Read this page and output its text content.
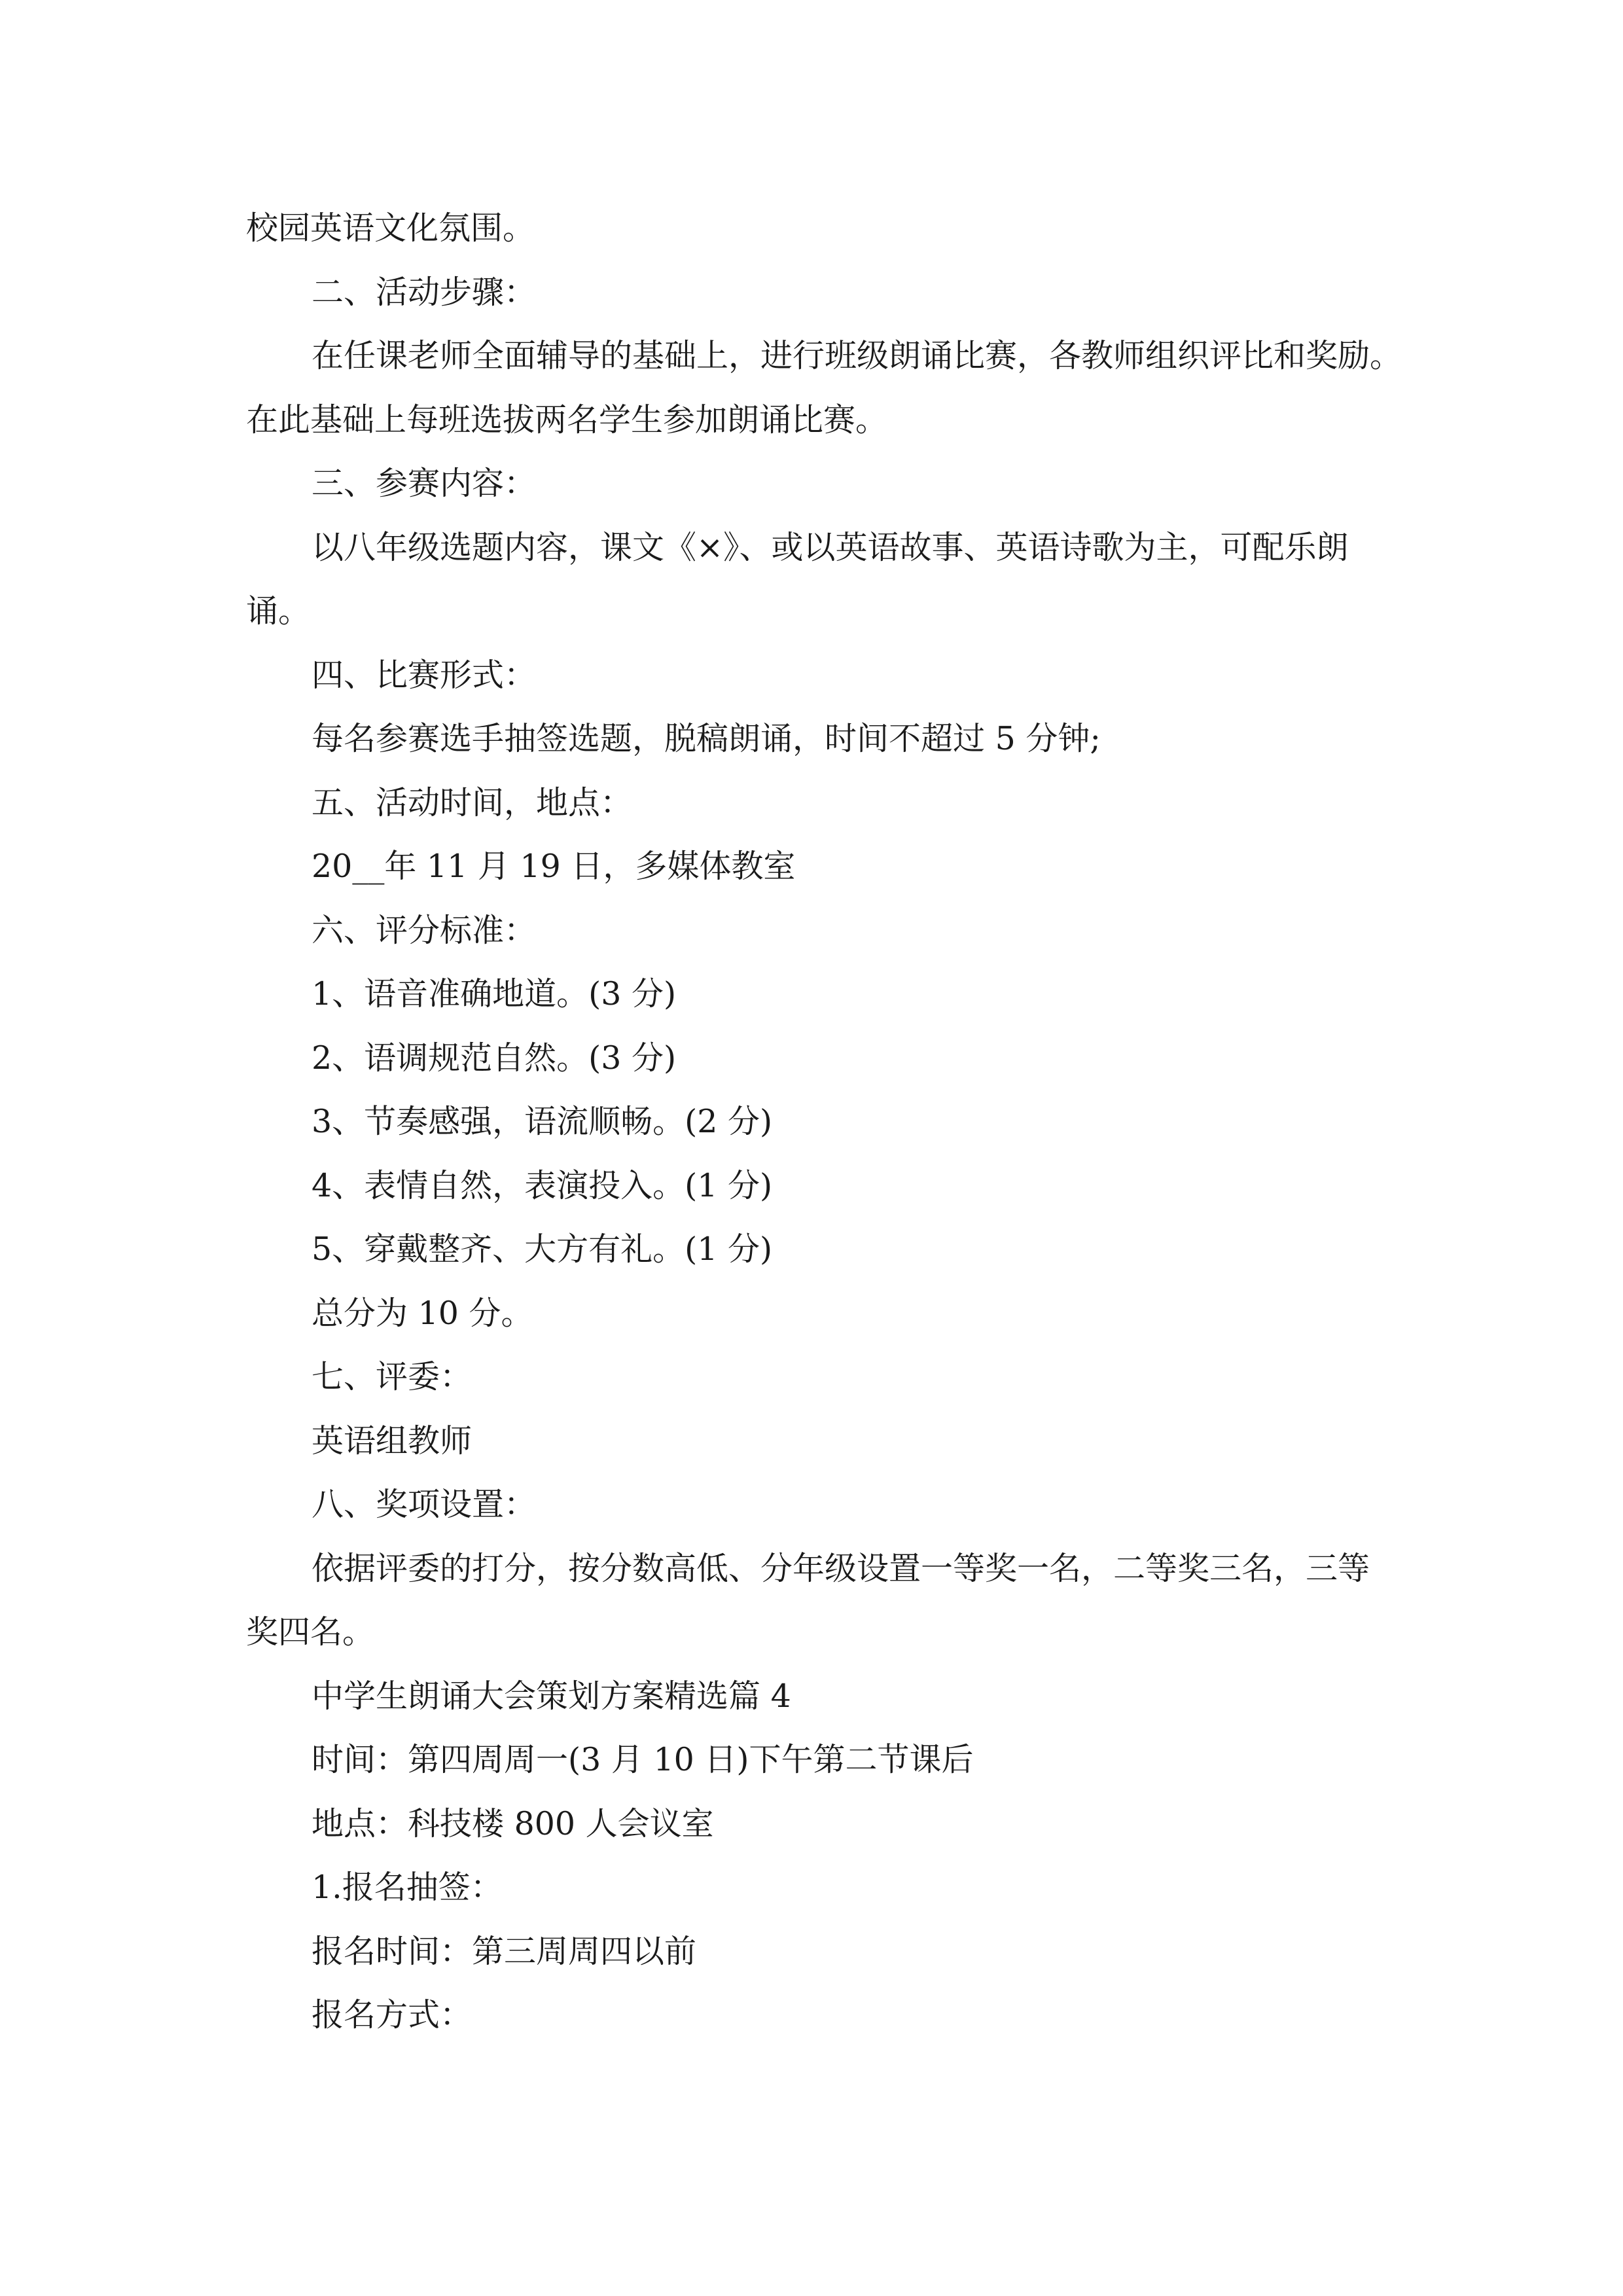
校园英语文化氛围。

二、活动步骤：

在任课老师全面辅导的基础上，进行班级朗诵比赛，各教师组织评比和奖励。

在此基础上每班选拔两名学生参加朗诵比赛。

三、参赛内容：

以八年级选题内容，课文《×》、或以英语故事、英语诗歌为主，可配乐朗

诵。

四、比赛形式：

每名参赛选手抽签选题，脱稿朗诵，时间不超过 5 分钟;

五、活动时间，地点：

20__年 11 月 19 日，多媒体教室

六、评分标准：

1、语音准确地道。(3 分)

2、语调规范自然。(3 分)

3、节奏感强，语流顺畅。(2 分)

4、表情自然，表演投入。(1 分)

5、穿戴整齐、大方有礼。(1 分)

总分为 10 分。

七、评委：

英语组教师

八、奖项设置：

依据评委的打分，按分数高低、分年级设置一等奖一名，二等奖三名，三等

奖四名。

中学生朗诵大会策划方案精选篇 4

时间：第四周周一(3 月 10 日)下午第二节课后

地点：科技楼 800 人会议室

1.报名抽签：

报名时间：第三周周四以前

报名方式：
